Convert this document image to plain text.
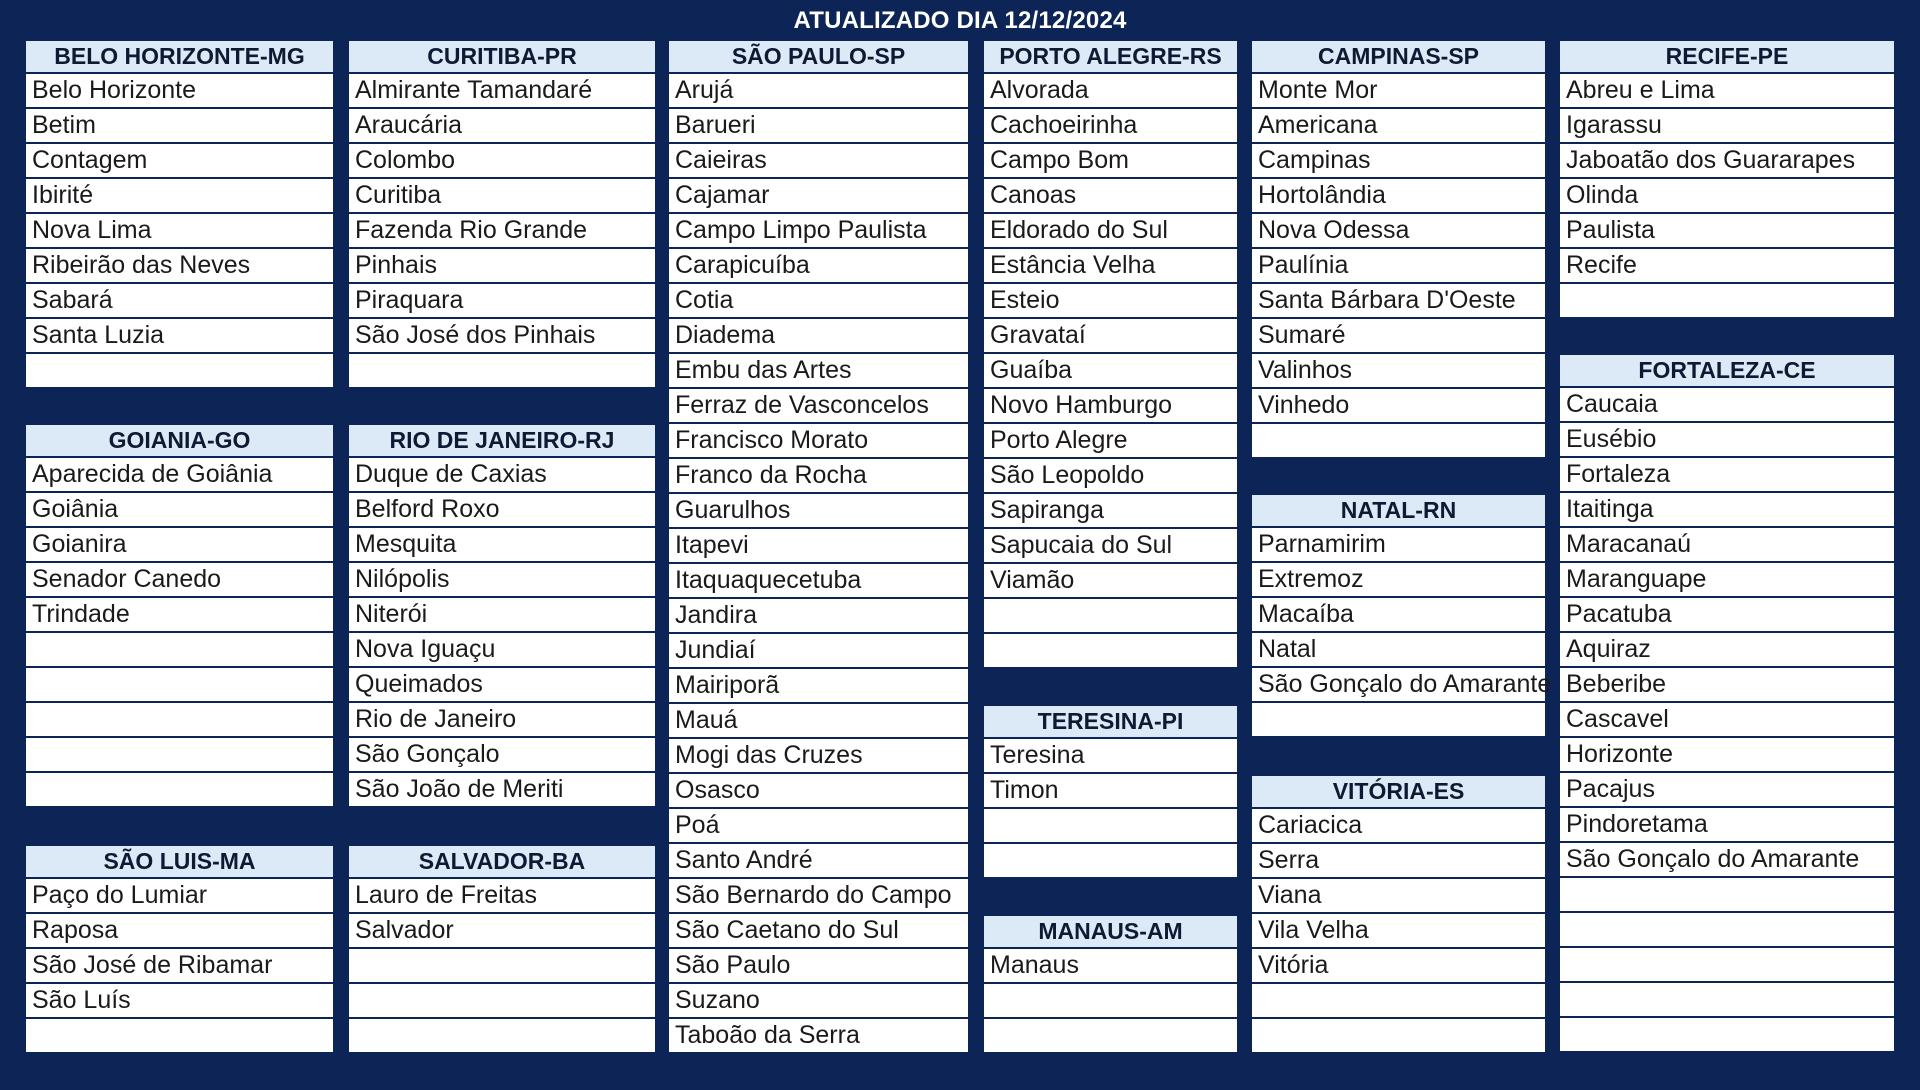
ATUALIZADO DIA 12/12/2024
BELO HORIZONTE-MG
Belo Horizonte
Betim
Contagem
Ibirité
Nova Lima
Ribeirão das Neves
Sabará
Santa Luzia
GOIANIA-GO
Aparecida de Goiânia
Goiânia
Goianira
Senador Canedo
Trindade
SÃO LUIS-MA
Paço do Lumiar
Raposa
São José de Ribamar
São Luís
CURITIBA-PR
Almirante Tamandaré
Araucária
Colombo
Curitiba
Fazenda Rio Grande
Pinhais
Piraquara
São José dos Pinhais
RIO DE JANEIRO-RJ
Duque de Caxias
Belford Roxo
Mesquita
Nilópolis
Niterói
Nova Iguaçu
Queimados
Rio de Janeiro
São Gonçalo
São João de Meriti
SALVADOR-BA
Lauro de Freitas
Salvador
SÃO PAULO-SP
Arujá
Barueri
Caieiras
Cajamar
Campo Limpo Paulista
Carapicuíba
Cotia
Diadema
Embu das Artes
Ferraz de Vasconcelos
Francisco Morato
Franco da Rocha
Guarulhos
Itapevi
Itaquaquecetuba
Jandira
Jundiaí
Mairiporã
Mauá
Mogi das Cruzes
Osasco
Poá
Santo André
São Bernardo do Campo
São Caetano do Sul
São Paulo
Suzano
Taboão da Serra
PORTO ALEGRE-RS
Alvorada
Cachoeirinha
Campo Bom
Canoas
Eldorado do Sul
Estância Velha
Esteio
Gravataí
Guaíba
Novo Hamburgo
Porto Alegre
São Leopoldo
Sapiranga
Sapucaia do Sul
Viamão
TERESINA-PI
Teresina
Timon
MANAUS-AM
Manaus
CAMPINAS-SP
Monte Mor
Americana
Campinas
Hortolândia
Nova Odessa
Paulínia
Santa Bárbara D'Oeste
Sumaré
Valinhos
Vinhedo
NATAL-RN
Parnamirim
Extremoz
Macaíba
Natal
São Gonçalo do Amarante
VITÓRIA-ES
Cariacica
Serra
Viana
Vila Velha
Vitória
RECIFE-PE
Abreu e Lima
Igarassu
Jaboatão dos Guararapes
Olinda
Paulista
Recife
FORTALEZA-CE
Caucaia
Eusébio
Fortaleza
Itaitinga
Maracanaú
Maranguape
Pacatuba
Aquiraz
Beberibe
Cascavel
Horizonte
Pacajus
Pindoretama
São Gonçalo do Amarante
